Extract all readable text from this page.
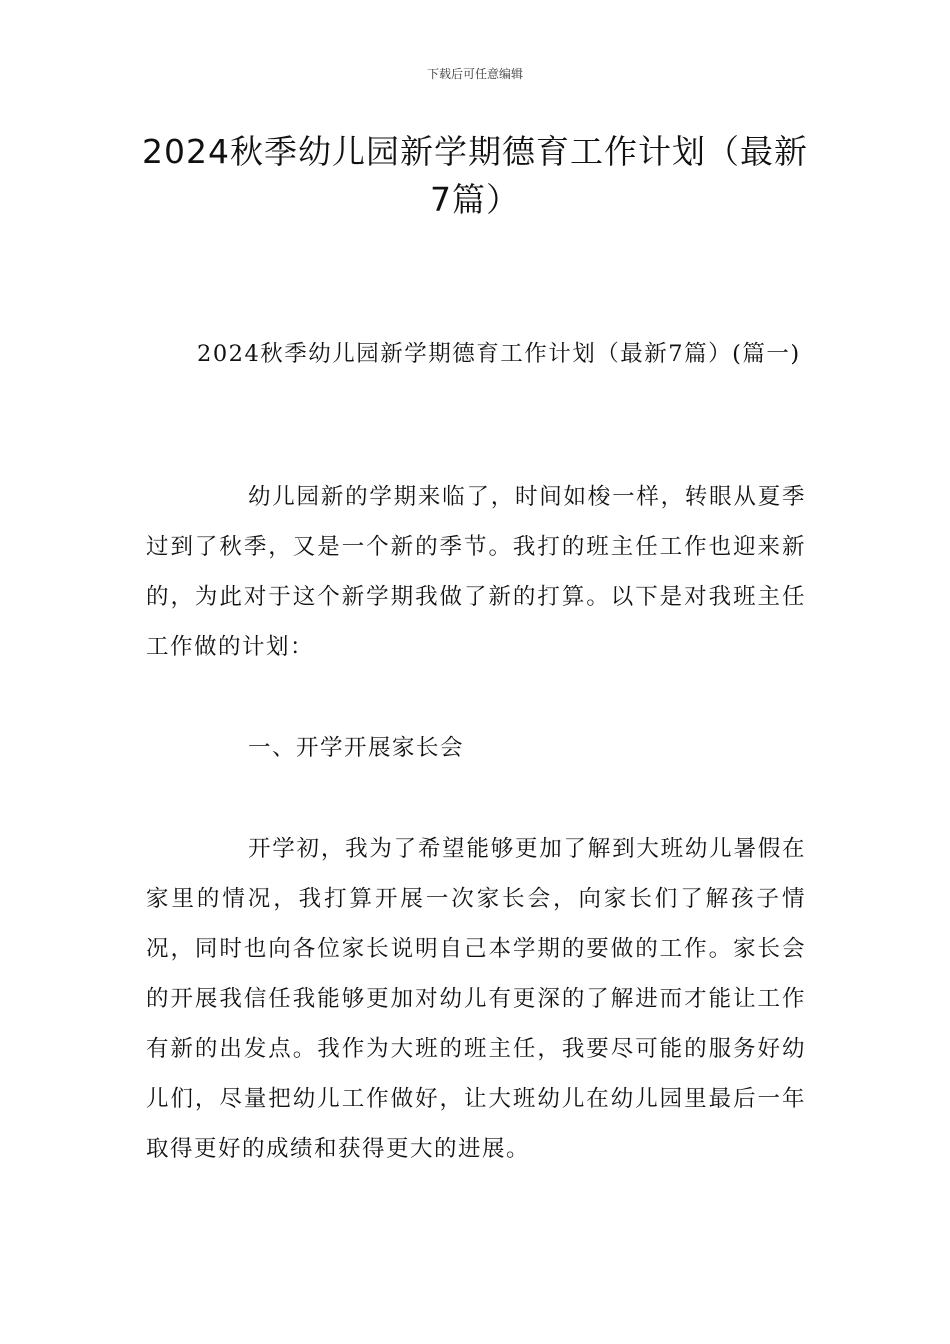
下载后可任意编辑
2024秋季幼儿园新学期德育工作计划（最新7篇）

2024秋季幼儿园新学期德育工作计划（最新7篇）(篇一)

幼儿园新的学期来临了，时间如梭一样，转眼从夏季过到了秋季，又是一个新的季节。我打的班主任工作也迎来新的，为此对于这个新学期我做了新的打算。以下是对我班主任工作做的计划：

一、开学开展家长会

开学初，我为了希望能够更加了解到大班幼儿暑假在家里的情况，我打算开展一次家长会，向家长们了解孩子情况，同时也向各位家长说明自己本学期的要做的工作。家长会的开展我信任我能够更加对幼儿有更深的了解进而才能让工作有新的出发点。我作为大班的班主任，我要尽可能的服务好幼儿们，尽量把幼儿工作做好，让大班幼儿在幼儿园里最后一年取得更好的成绩和获得更大的进展。
